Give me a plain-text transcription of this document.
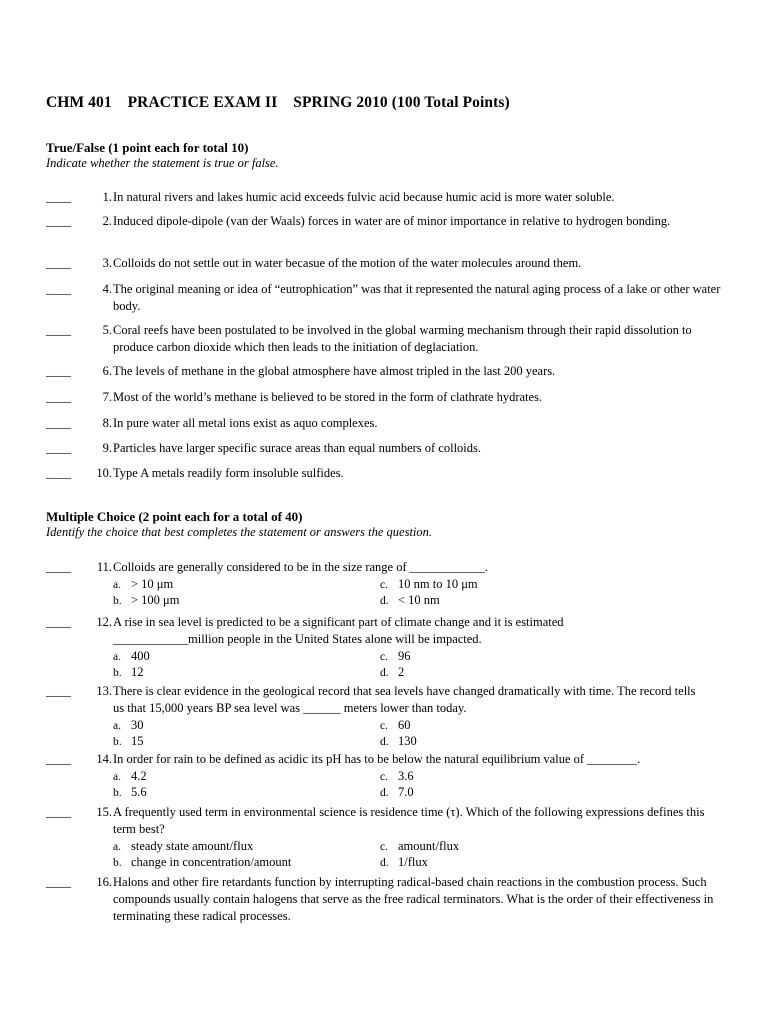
CHM 401    PRACTICE EXAM II    SPRING 2010 (100 Total Points)
True/False (1 point each for total 10)
Indicate whether the statement is true or false.
____	1. In natural rivers and lakes humic acid exceeds fulvic acid because humic acid is more water soluble.
____	2. Induced dipole-dipole (van der Waals) forces in water are of minor importance in relative to hydrogen bonding.
____	3. Colloids do not settle out in water becasue of the motion of the water molecules around them.
____	4. The original meaning or idea of “eutrophication” was that it represented the natural aging process of a lake or other water body.
____	5. Coral reefs have been postulated to be involved in the global warming mechanism through their rapid dissolution to produce carbon dioxide which then leads to the initiation of deglaciation.
____	6. The levels of methane in the global atmosphere have almost tripled in the last 200 years.
____	7. Most of the world’s methane is believed to be stored in the form of clathrate hydrates.
____	8. In pure water all metal ions exist as aquo complexes.
____	9. Particles have larger specific surace areas than equal numbers of colloids.
____	10. Type A metals readily form insoluble sulfides.
Multiple Choice (2 point each for a total of 40)
Identify the choice that best completes the statement or answers the question.
____	11. Colloids are generally considered to be in the size range of ____________.
a. > 10 μm	c. 10 nm to 10 μm
b. > 100 μm	d. < 10 nm
____	12. A rise in sea level is predicted to be a significant part of climate change and it is estimated ____________million people in the United States alone will be impacted.
a. 400	c. 96
b. 12	d. 2
____	13. There is clear evidence in the geological record that sea levels have changed dramatically with time. The record tells us that 15,000 years BP sea level was ______ meters lower than today.
a. 30	c. 60
b. 15	d. 130
____	14. In order for rain to be defined as acidic its pH has to be below the natural equilibrium value of ________.
a. 4.2	c. 3.6
b. 5.6	d. 7.0
____	15. A frequently used term in environmental science is residence time (τ). Which of the following expressions defines this term best?
a. steady state amount/flux	c. amount/flux
b. change in concentration/amount	d. 1/flux
____	16. Halons and other fire retardants function by interrupting radical-based chain reactions in the combustion process. Such compounds usually contain halogens that serve as the free radical terminators. What is the order of their effectiveness in terminating these radical processes.
